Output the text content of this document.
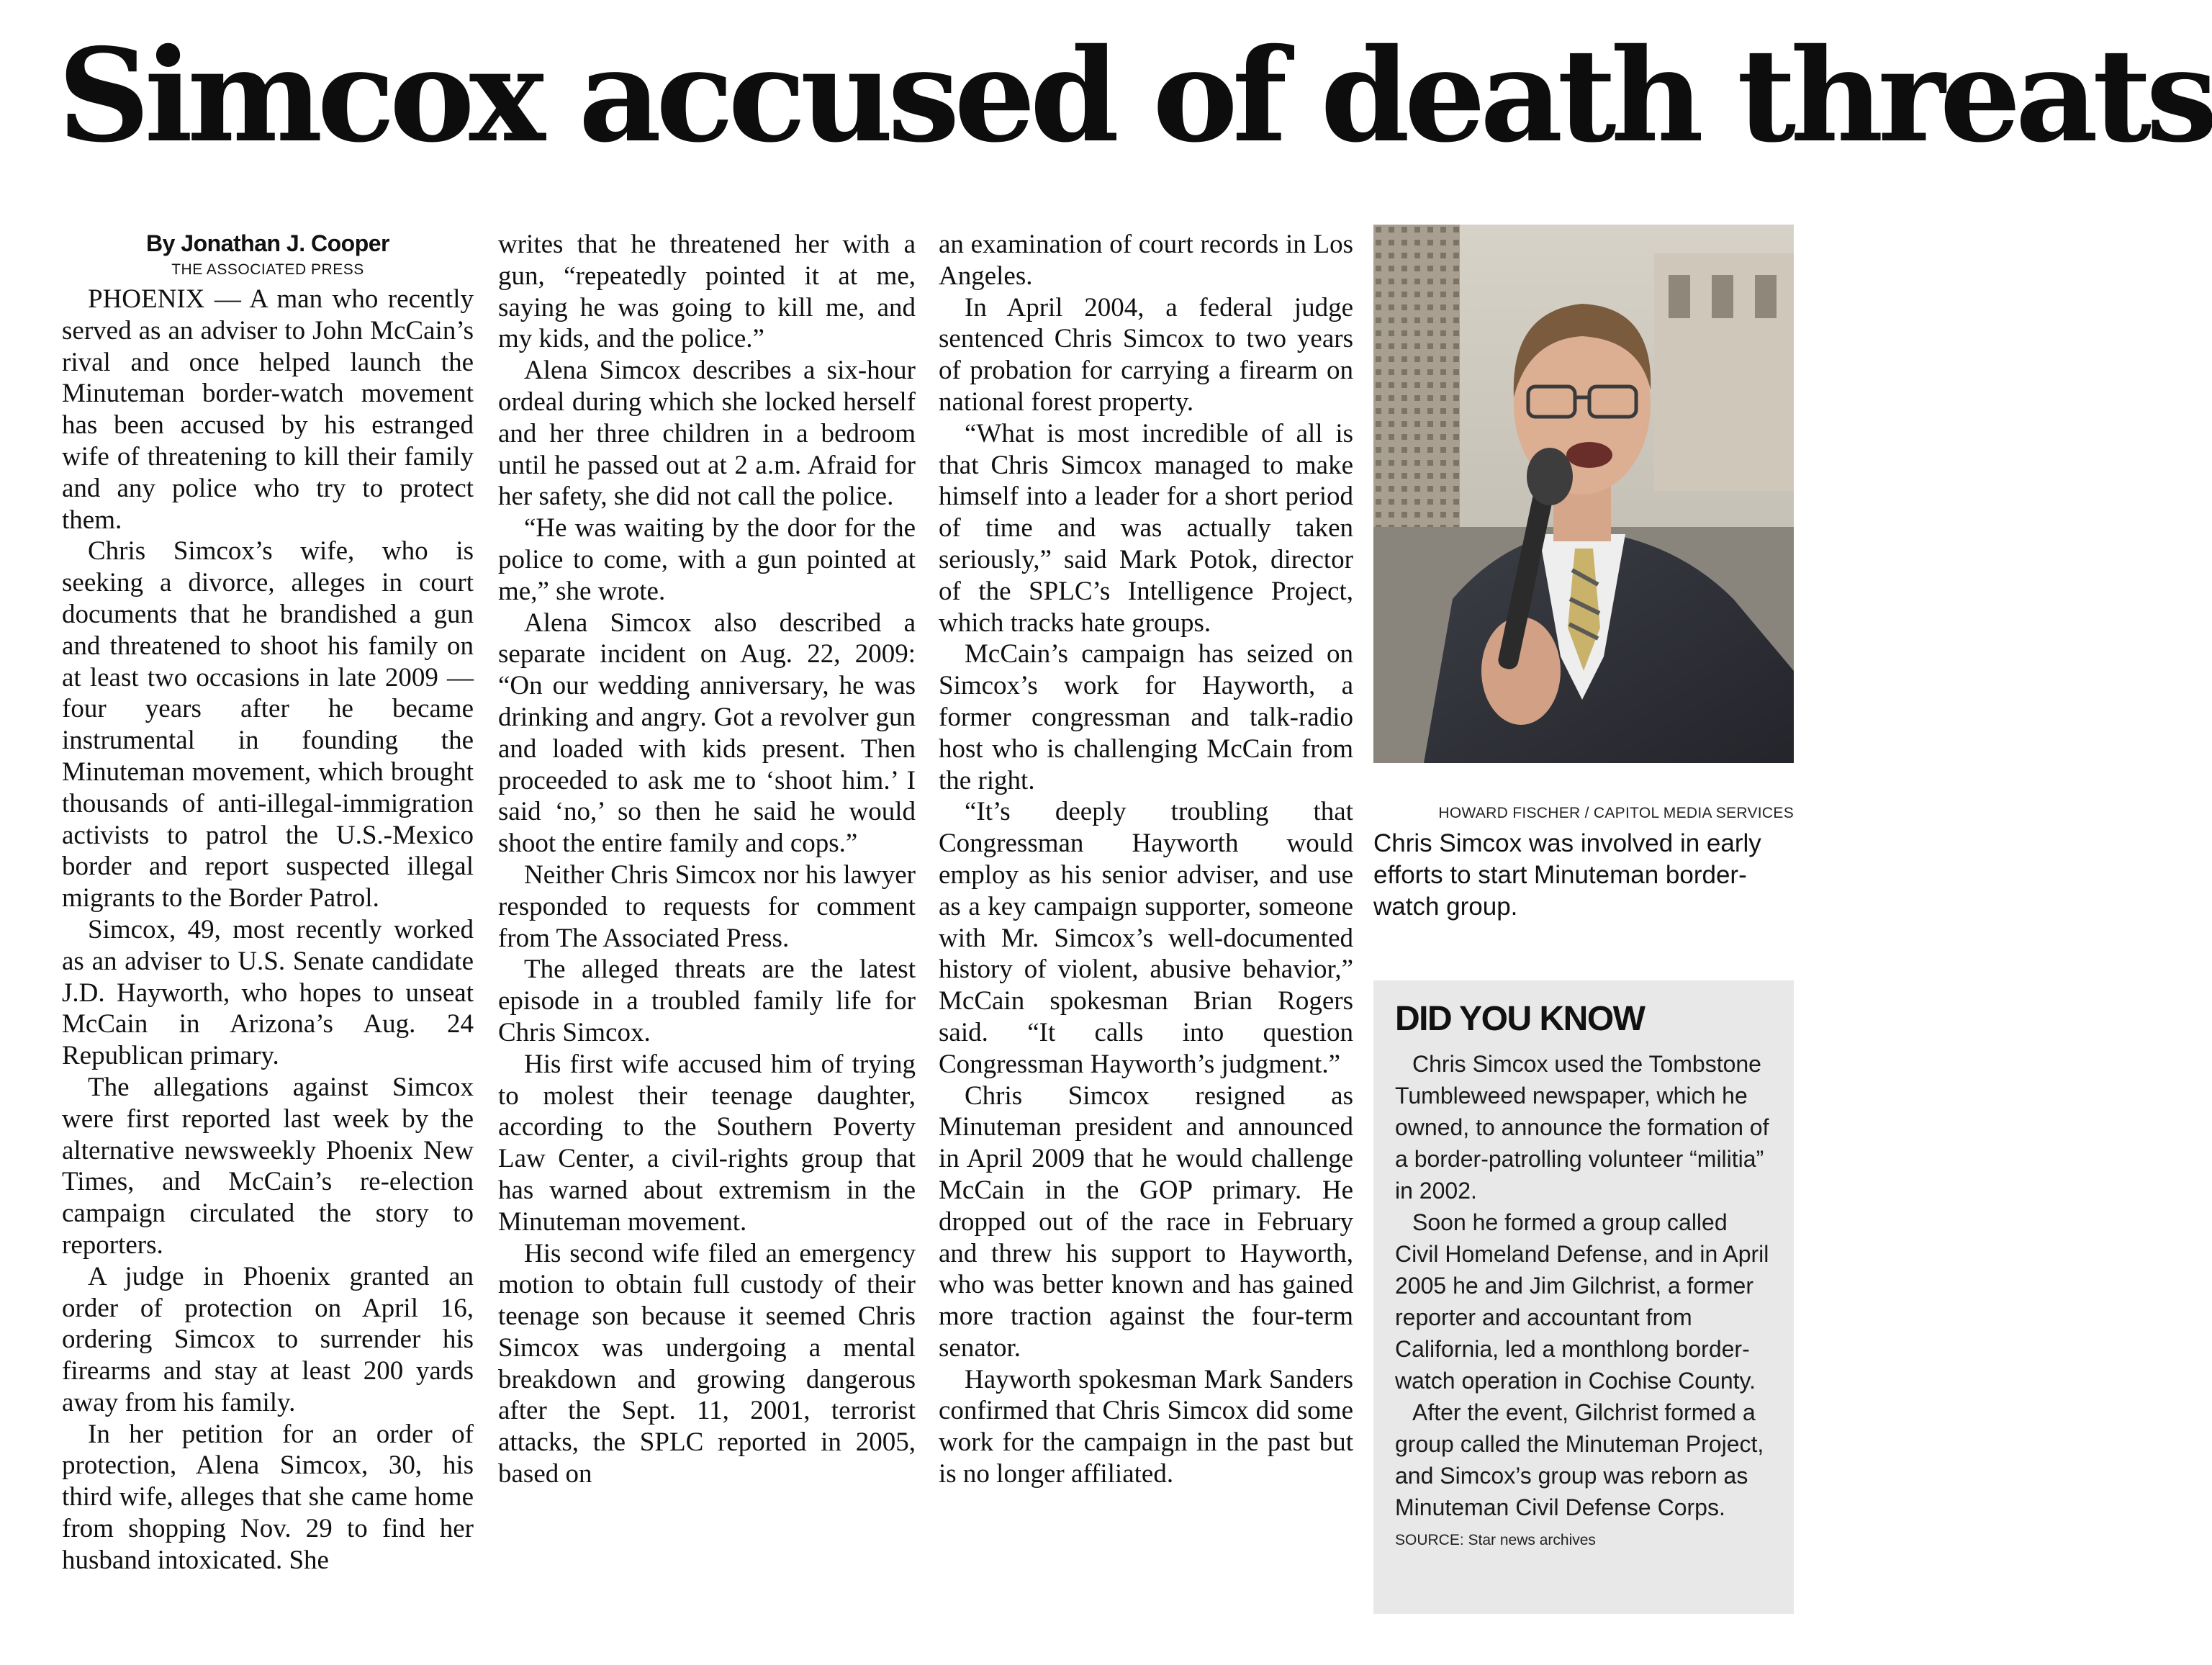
Simcox accused of death threats
By Jonathan J. Cooper
THE ASSOCIATED PRESS

PHOENIX — A man who recently served as an adviser to John McCain’s rival and once helped launch the Minuteman border-watch movement has been accused by his estranged wife of threatening to kill their family and any police who try to protect them.

Chris Simcox’s wife, who is seeking a divorce, alleges in court documents that he brandished a gun and threatened to shoot his family on at least two occasions in late 2009 — four years after he became instrumental in founding the Minuteman movement, which brought thousands of anti-illegal-immigration activists to patrol the U.S.-Mexico border and report suspected illegal migrants to the Border Patrol.

Simcox, 49, most recently worked as an adviser to U.S. Senate candidate J.D. Hayworth, who hopes to unseat McCain in Arizona’s Aug. 24 Republican primary.

The allegations against Simcox were first reported last week by the alternative newsweekly Phoenix New Times, and McCain’s re-election campaign circulated the story to reporters.

A judge in Phoenix granted an order of protection on April 16, ordering Simcox to surrender his firearms and stay at least 200 yards away from his family.

In her petition for an order of protection, Alena Simcox, 30, his third wife, alleges that she came home from shopping Nov. 29 to find her husband intoxicated. She

writes that he threatened her with a gun, “repeatedly pointed it at me, saying he was going to kill me, and my kids, and the police.”

Alena Simcox describes a six-hour ordeal during which she locked herself and her three children in a bedroom until he passed out at 2 a.m. Afraid for her safety, she did not call the police.

“He was waiting by the door for the police to come, with a gun pointed at me,” she wrote.

Alena Simcox also described a separate incident on Aug. 22, 2009: “On our wedding anniversary, he was drinking and angry. Got a revolver gun and loaded with kids present. Then proceeded to ask me to ‘shoot him.’ I said ‘no,’ so then he said he would shoot the entire family and cops.”

Neither Chris Simcox nor his lawyer responded to requests for comment from The Associated Press.

The alleged threats are the latest episode in a troubled family life for Chris Simcox.

His first wife accused him of trying to molest their teenage daughter, according to the Southern Poverty Law Center, a civil-rights group that has warned about extremism in the Minuteman movement.

His second wife filed an emergency motion to obtain full custody of their teenage son because it seemed Chris Simcox was undergoing a mental breakdown and growing dangerous after the Sept. 11, 2001, terrorist attacks, the SPLC reported in 2005, based on

an examination of court records in Los Angeles.

In April 2004, a federal judge sentenced Chris Simcox to two years of probation for carrying a firearm on national forest property.

“What is most incredible of all is that Chris Simcox managed to make himself into a leader for a short period of time and was actually taken seriously,” said Mark Potok, director of the SPLC’s Intelligence Project, which tracks hate groups.

McCain’s campaign has seized on Simcox’s work for Hayworth, a former congressman and talk-radio host who is challenging McCain from the right.

“It’s deeply troubling that Congressman Hayworth would employ as his senior adviser, and use as a key campaign supporter, someone with Mr. Simcox’s well-documented history of violent, abusive behavior,” McCain spokesman Brian Rogers said. “It calls into question Congressman Hayworth’s judgment.”

Chris Simcox resigned as Minuteman president and announced in April 2009 that he would challenge McCain in the GOP primary. He dropped out of the race in February and threw his support to Hayworth, who was better known and has gained more traction against the four-term senator.

Hayworth spokesman Mark Sanders confirmed that Chris Simcox did some work for the campaign in the past but is no longer affiliated.

HOWARD FISCHER / CAPITOL MEDIA SERVICES
Chris Simcox was involved in early efforts to start Minuteman border-watch group.
DID YOU KNOW

Chris Simcox used the Tombstone Tumbleweed newspaper, which he owned, to announce the formation of a border-patrolling volunteer “militia” in 2002.

Soon he formed a group called Civil Homeland Defense, and in April 2005 he and Jim Gilchrist, a former reporter and accountant from California, led a monthlong border-watch operation in Cochise County.

After the event, Gilchrist formed a group called the Minuteman Project, and Simcox’s group was reborn as Minuteman Civil Defense Corps.

SOURCE: Star news archives
